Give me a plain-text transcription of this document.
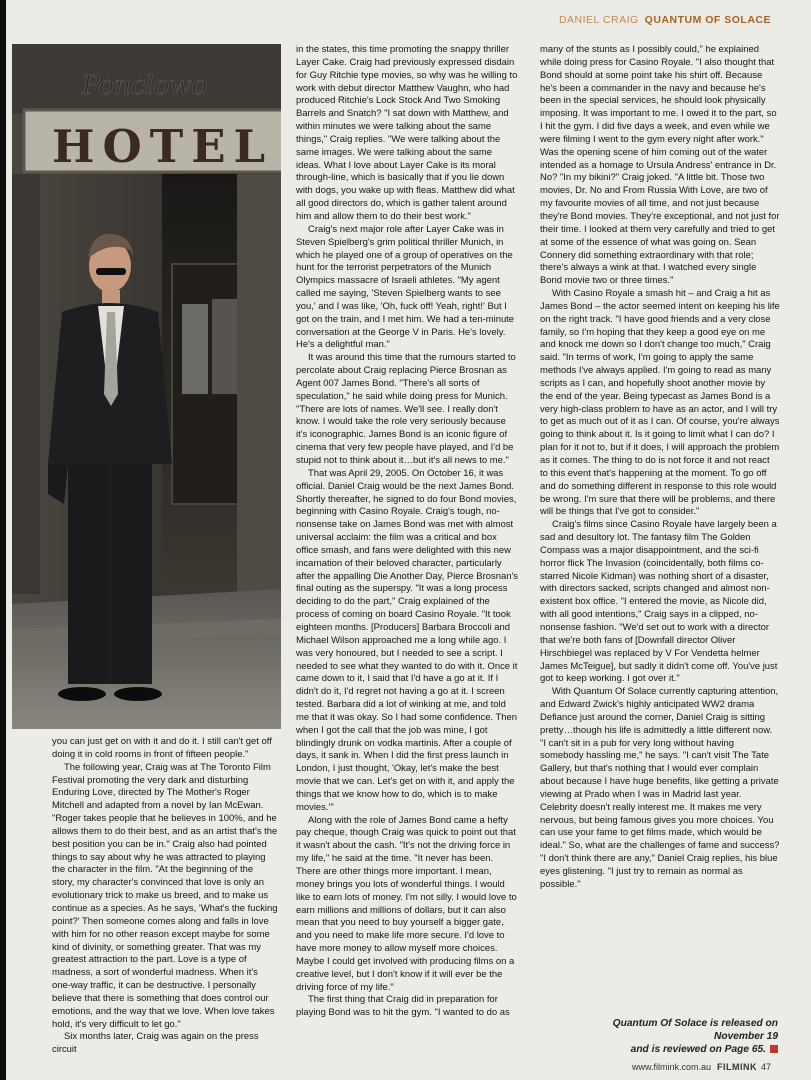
DANIEL CRAIG QUANTUM OF SOLACE
Ponclowo
HOTEL

you can just get on with it and do it. I still can't get off doing it in cold rooms in front of fifteen people."

The following year, Craig was at The Toronto Film Festival promoting the very dark and disturbing Enduring Love, directed by The Mother's Roger Mitchell and adapted from a novel by Ian McEwan. "Roger takes people that he believes in 100%, and he allows them to do their best, and as an artist that's the best position you can be in." Craig also had pointed things to say about why he was attracted to playing the character in the film. "At the beginning of the story, my character's convinced that love is only an evolutionary trick to make us breed, and to make us continue as a species. As he says, 'What's the fucking point?' Then someone comes along and falls in love with him for no other reason except maybe for some kind of divinity, or something greater. That was my greatest attraction to the part. Love is a type of madness, a sort of wonderful madness. When it's one-way traffic, it can be destructive. I personally believe that there is something that does control our emotions, and the way that we love. When love takes hold, it's very difficult to let go."

Six months later, Craig was again on the press circuit

in the states, this time promoting the snappy thriller Layer Cake. Craig had previously expressed disdain for Guy Ritchie type movies, so why was he willing to work with debut director Matthew Vaughn, who had produced Ritchie's Lock Stock And Two Smoking Barrels and Snatch? "I sat down with Matthew, and within minutes we were talking about the same things," Craig replies. "We were talking about the same images. We were talking about the same ideas. What I love about Layer Cake is its moral through-line, which is basically that if you lie down with dogs, you wake up with fleas. Matthew did what all good directors do, which is gather talent around him and allow them to do their best work."

Craig's next major role after Layer Cake was in Steven Spielberg's grim political thriller Munich, in which he played one of a group of operatives on the hunt for the terrorist perpetrators of the Munich Olympics massacre of Israeli athletes. "My agent called me saying, 'Steven Spielberg wants to see you,' and I was like, 'Oh, fuck off! Yeah, right!' But I got on the train, and I met him. We had a ten-minute conversation at the George V in Paris. He's lovely. He's a delightful man."

It was around this time that the rumours started to percolate about Craig replacing Pierce Brosnan as Agent 007 James Bond. "There's all sorts of speculation," he said while doing press for Munich. "There are lots of names. We'll see. I really don't know. I would take the role very seriously because it's iconographic. James Bond is an iconic figure of cinema that very few people have played, and I'd be stupid not to think about it…but it's all news to me."

That was April 29, 2005. On October 16, it was official. Daniel Craig would be the next James Bond. Shortly thereafter, he signed to do four Bond movies, beginning with Casino Royale. Craig's tough, no-nonsense take on James Bond was met with almost universal acclaim: the film was a critical and box office smash, and fans were delighted with this new incarnation of their beloved character, particularly after the appalling Die Another Day, Pierce Brosnan's final outing as the superspy. "It was a long process deciding to do the part," Craig explained of the process of coming on board Casino Royale. "It took eighteen months. [Producers] Barbara Broccoli and Michael Wilson approached me a long while ago. I was very honoured, but I needed to see a script. I needed to see what they wanted to do with it. Once it came down to it, I said that I'd have a go at it. If I didn't do it, I'd regret not having a go at it. I screen tested. Barbara did a lot of winking at me, and told me that it was okay. So I had some confidence. Then when I got the call that the job was mine, I got blindingly drunk on vodka martinis. After a couple of days, it sank in. When I did the first press launch in London, I just thought, 'Okay, let's make the best movie that we can. Let's get on with it, and apply the things that we know how to do, which is to make movies.'"

Along with the role of James Bond came a hefty pay cheque, though Craig was quick to point out that it wasn't about the cash. "It's not the driving force in my life," he said at the time. "It never has been. There are other things more important. I mean, money brings you lots of wonderful things. I would like to earn lots of money. I'm not silly. I would love to earn millions and millions of dollars, but it can also mean that you need to buy yourself a bigger gate, and you need to make life more secure. I'd love to have more money to allow myself more choices. Maybe I could get involved with producing films on a creative level, but I don't know if it will ever be the driving force of my life."

The first thing that Craig did in preparation for playing Bond was to hit the gym. "I wanted to do as

many of the stunts as I possibly could," he explained while doing press for Casino Royale. "I also thought that Bond should at some point take his shirt off. Because he's been a commander in the navy and because he's been in the special services, he should look physically imposing. It was important to me. I owed it to the part, so I hit the gym. I did five days a week, and even while we were filming I went to the gym every night after work." Was the opening scene of him coming out of the water intended as a homage to Ursula Andress' entrance in Dr. No? "In my bikini?" Craig joked. "A little bit. Those two movies, Dr. No and From Russia With Love, are two of my favourite movies of all time, and not just because they're Bond movies. They're exceptional, and not just for their time. I looked at them very carefully and tried to get at some of the essence of what was going on. Sean Connery did something extraordinary with that role; there's always a wink at that. I watched every single Bond movie two or three times."

With Casino Royale a smash hit – and Craig a hit as James Bond – the actor seemed intent on keeping his life on the right track. "I have good friends and a very close family, so I'm hoping that they keep a good eye on me and knock me down so I don't change too much," Craig said. "In terms of work, I'm going to apply the same methods I've always applied. I'm going to read as many scripts as I can, and hopefully shoot another movie by the end of the year. Being typecast as James Bond is a very high-class problem to have as an actor, and I will try to get as much out of it as I can. Of course, you're always going to think about it. Is it going to limit what I can do? I plan for it not to, but if it does, I will approach the problem as it comes. The thing to do is not force it and not react to this event that's happening at the moment. To go off and do something different in response to this role would be wrong. I'm sure that there will be problems, and there will be things that I've got to consider."

Craig's films since Casino Royale have largely been a sad and desultory lot. The fantasy film The Golden Compass was a major disappointment, and the sci-fi horror flick The Invasion (coincidentally, both films co-starred Nicole Kidman) was nothing short of a disaster, with directors sacked, scripts changed and almost non-existent box office. "I entered the movie, as Nicole did, with all good intentions," Craig says in a clipped, no-nonsense fashion. "We'd set out to work with a director that we're both fans of [Downfall director Oliver Hirschbiegel was replaced by V For Vendetta helmer James McTeigue], but sadly it didn't come off. You've just got to keep working. I got over it."

With Quantum Of Solace currently capturing attention, and Edward Zwick's highly anticipated WW2 drama Defiance just around the corner, Daniel Craig is sitting pretty…though his life is admittedly a little different now. "I can't sit in a pub for very long without having somebody hassling me," he says. "I can't visit The Tate Gallery, but that's nothing that I would ever complain about because I have huge benefits, like getting a private viewing at Prado when I was in Madrid last year. Celebrity doesn't really interest me. It makes me very nervous, but being famous gives you more choices. You can use your fame to get films made, which would be ideal." So, what are the challenges of fame and success? "I don't think there are any," Daniel Craig replies, his blue eyes glistening. "I just try to remain as normal as possible."

Quantum Of Solace is released on November 19
and is reviewed on Page 65.
www.filmink.com.au FILMINK 47
